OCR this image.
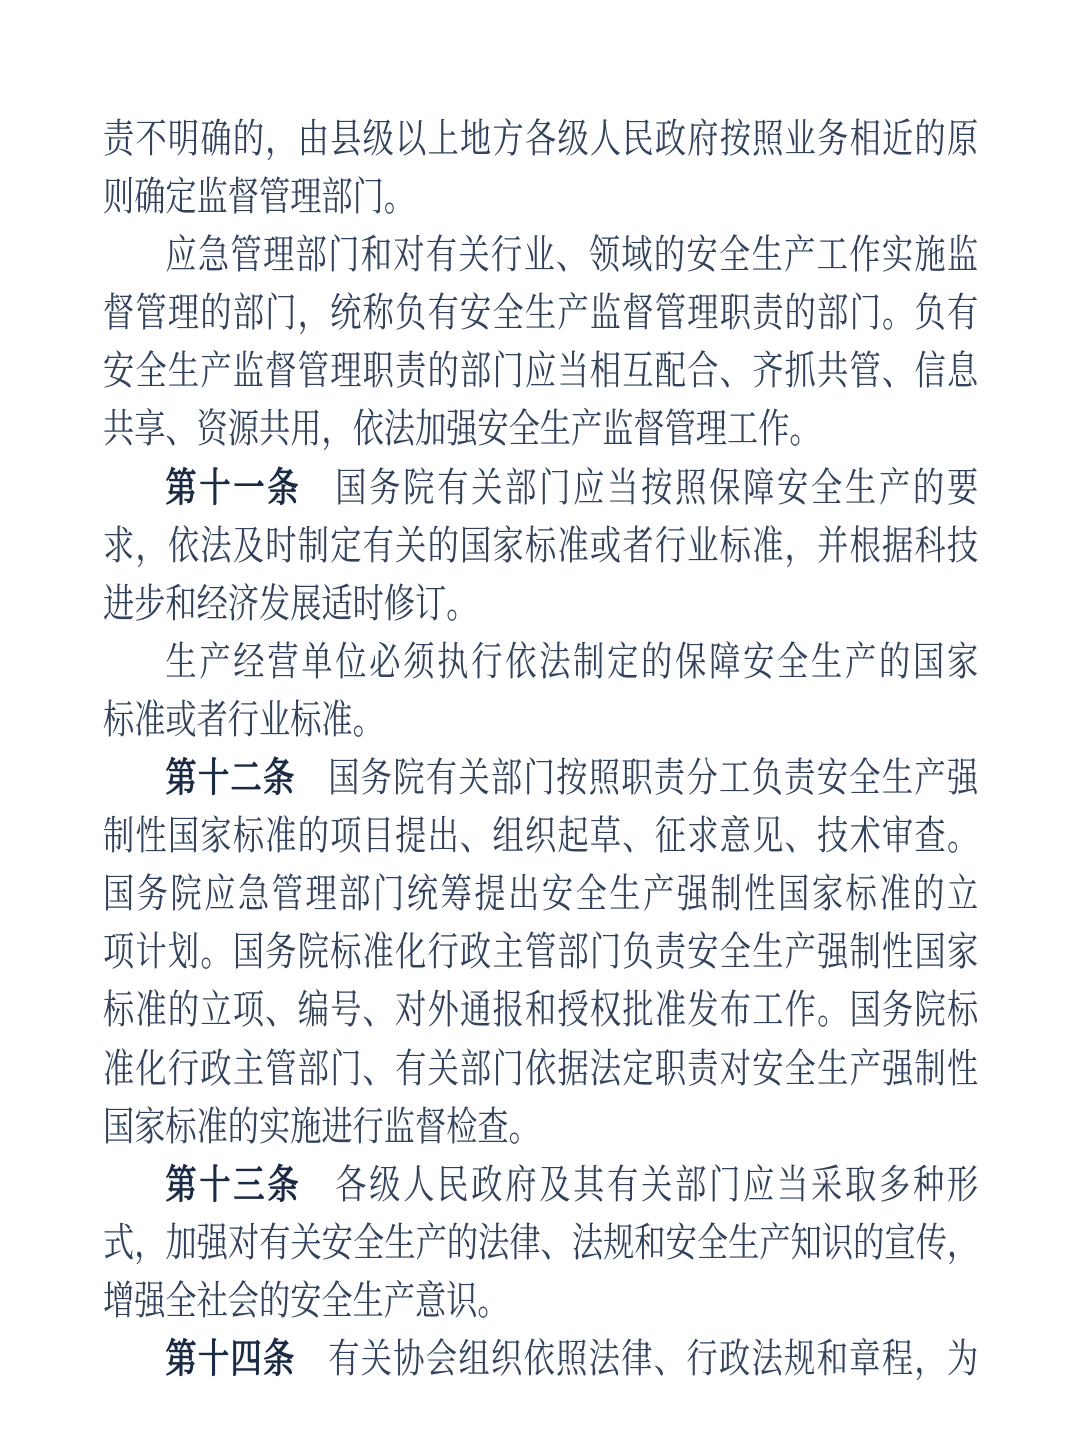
责不明确的，由县级以上地方各级人民政府按照业务相近的原
则确定监督管理部门。
应急管理部门和对有关行业、领域的安全生产工作实施监
督管理的部门，统称负有安全生产监督管理职责的部门。负有
安全生产监督管理职责的部门应当相互配合、齐抓共管、信息
共享、资源共用，依法加强安全生产监督管理工作。
第十一条　国务院有关部门应当按照保障安全生产的要
求，依法及时制定有关的国家标准或者行业标准，并根据科技
进步和经济发展适时修订。
生产经营单位必须执行依法制定的保障安全生产的国家
标准或者行业标准。
第十二条　国务院有关部门按照职责分工负责安全生产强
制性国家标准的项目提出、组织起草、征求意见、技术审查。
国务院应急管理部门统筹提出安全生产强制性国家标准的立
项计划。国务院标准化行政主管部门负责安全生产强制性国家
标准的立项、编号、对外通报和授权批准发布工作。国务院标
准化行政主管部门、有关部门依据法定职责对安全生产强制性
国家标准的实施进行监督检查。
第十三条　各级人民政府及其有关部门应当采取多种形
式，加强对有关安全生产的法律、法规和安全生产知识的宣传，
增强全社会的安全生产意识。
第十四条　有关协会组织依照法律、行政法规和章程，为
